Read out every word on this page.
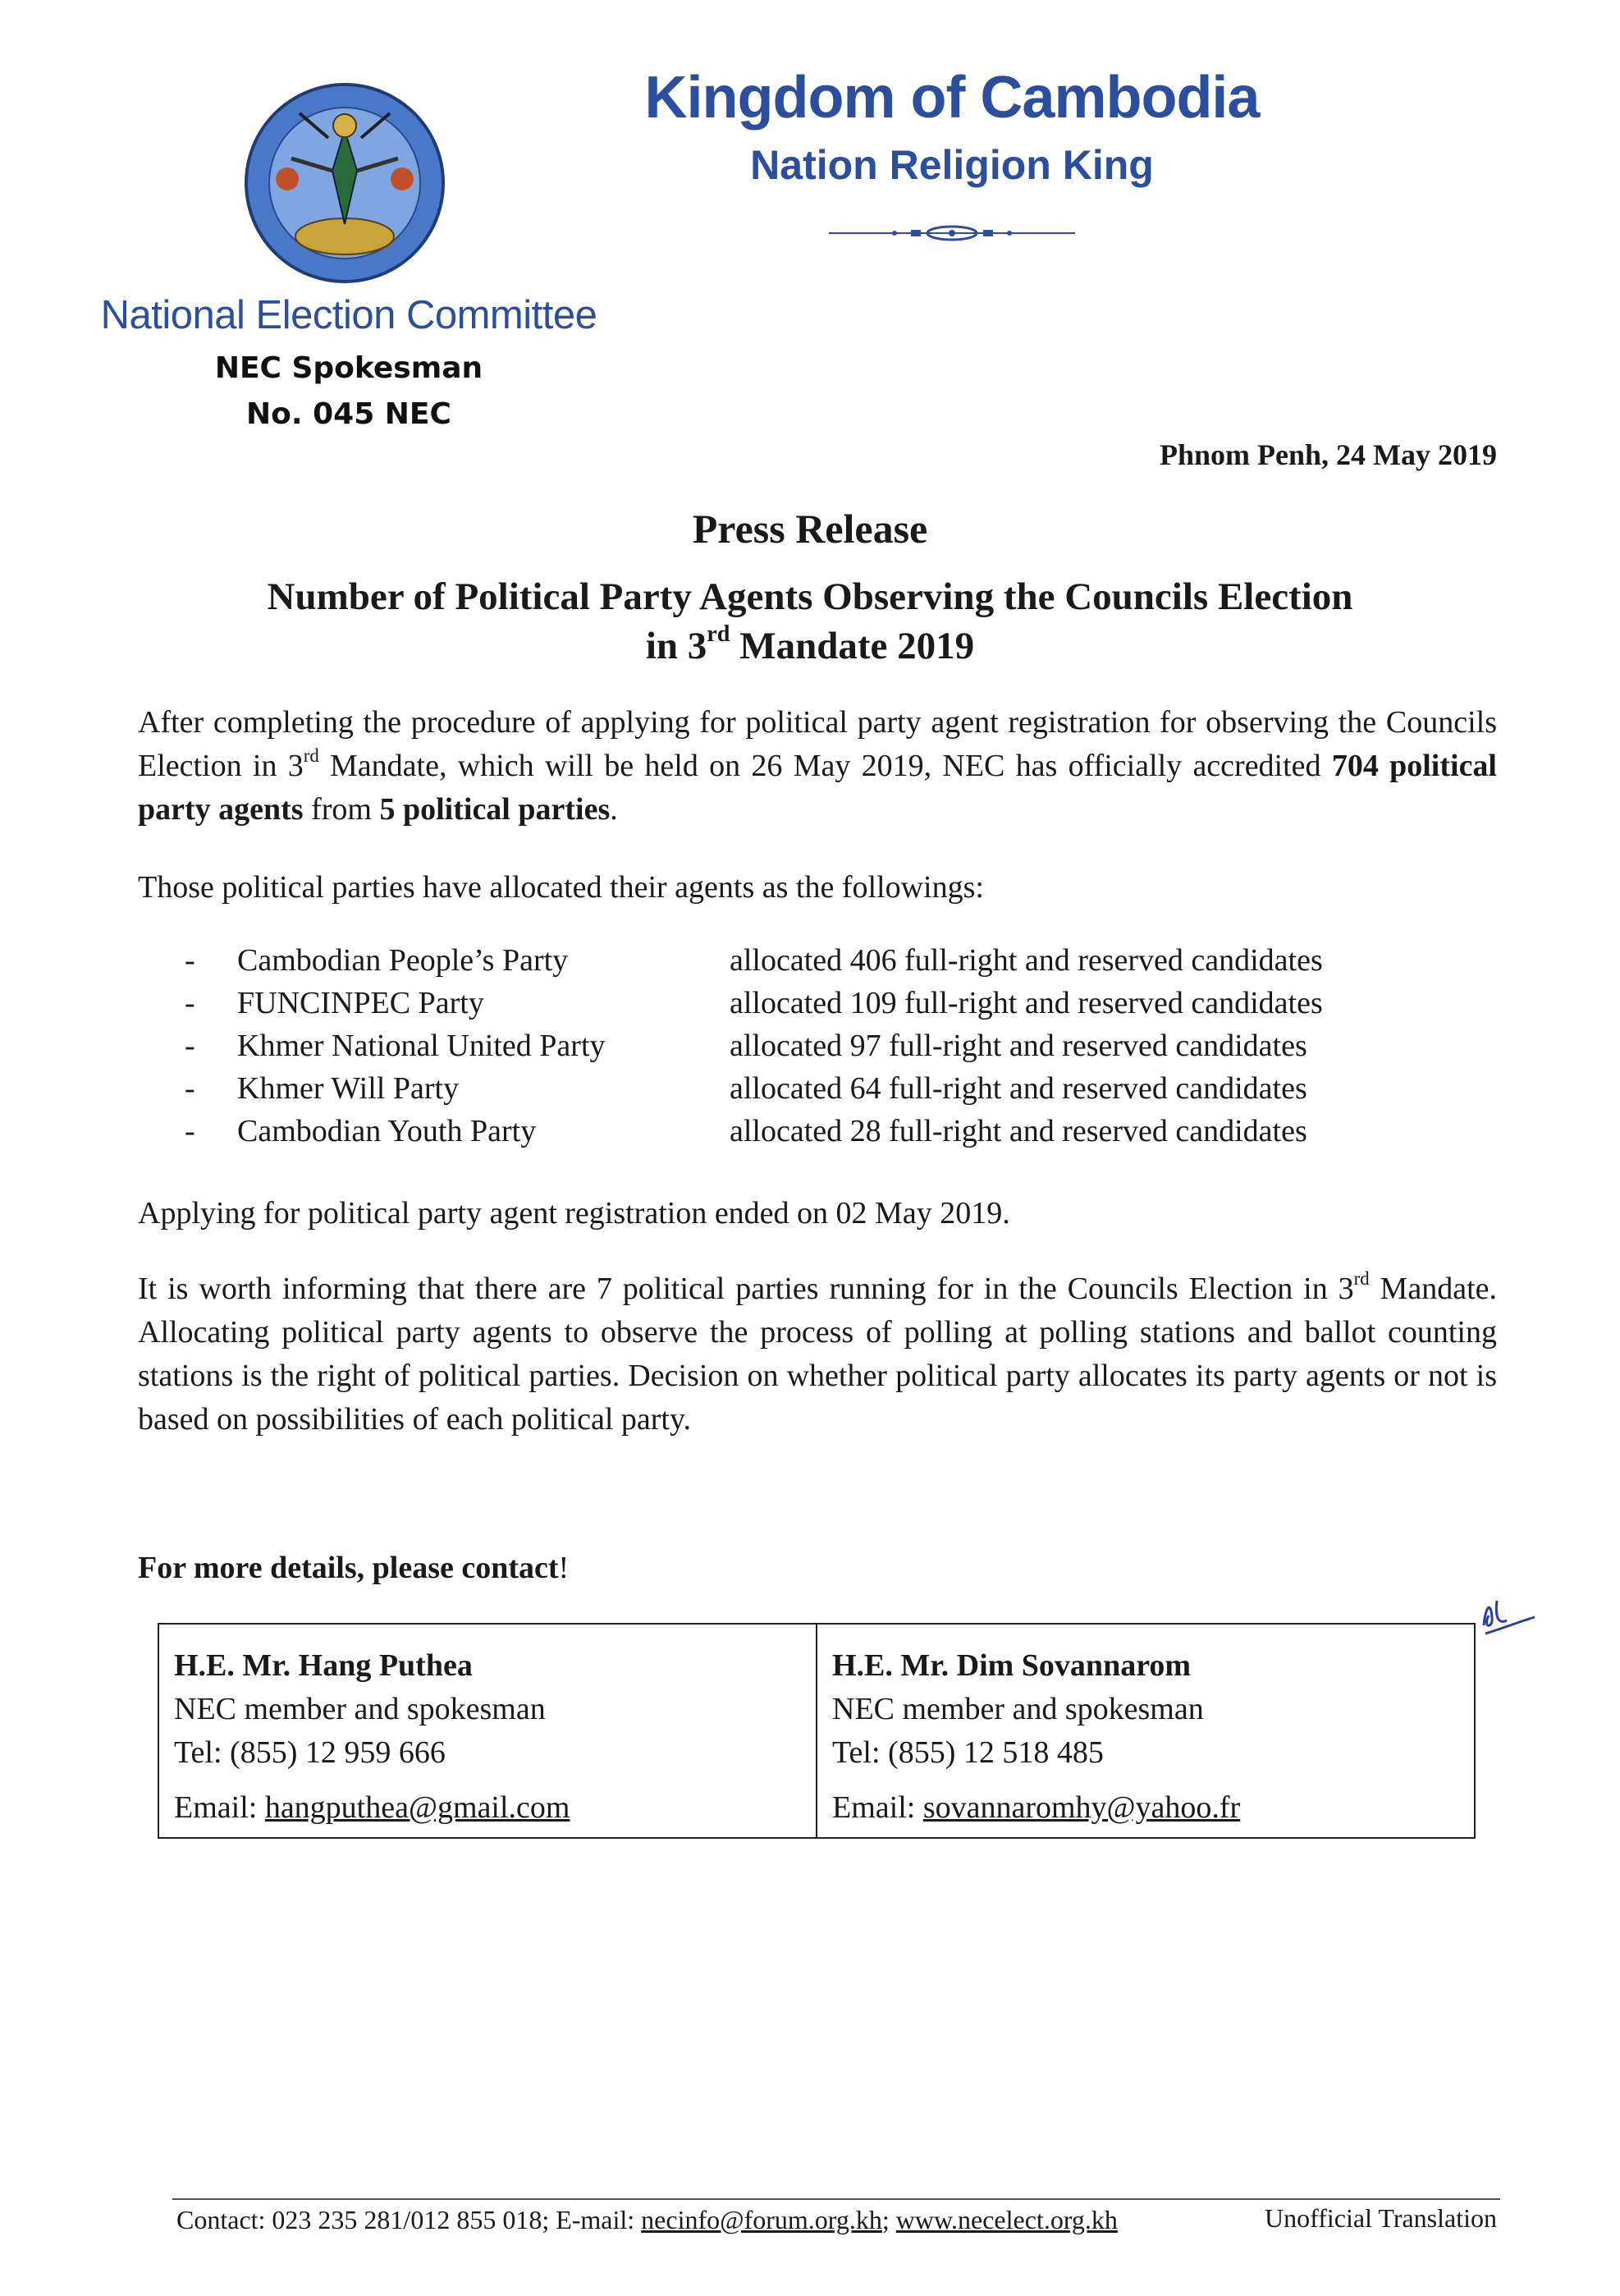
National Election Committee
NEC Spokesman
No. 045 NEC
Kingdom of Cambodia
Nation Religion King
Phnom Penh, 24 May 2019
Press Release
Number of Political Party Agents Observing the Councils Election
in 3rd Mandate 2019
After completing the procedure of applying for political party agent registration for observing the Councils Election in 3rd Mandate, which will be held on 26 May 2019, NEC has officially accredited 704 political party agents from 5 political parties.
Those political parties have allocated their agents as the followings:
-	Cambodian People’s Party	allocated 406 full-right and reserved candidates
-	FUNCINPEC Party	allocated 109 full-right and reserved candidates
-	Khmer National United Party	allocated 97 full-right and reserved candidates
-	Khmer Will Party	allocated 64 full-right and reserved candidates
-	Cambodian Youth Party	allocated 28 full-right and reserved candidates
Applying for political party agent registration ended on 02 May 2019.
It is worth informing that there are 7 political parties running for in the Councils Election in 3rd Mandate. Allocating political party agents to observe the process of polling at polling stations and ballot counting stations is the right of political parties. Decision on whether political party allocates its party agents or not is based on possibilities of each political party.
For more details, please contact!
H.E. Mr. Hang Puthea
NEC member and spokesman
Tel: (855) 12 959 666
Email: hangputhea@gmail.com
H.E. Mr. Dim Sovannarom
NEC member and spokesman
Tel: (855) 12 518 485
Email: sovannaromhy@yahoo.fr
Contact: 023 235 281/012 855 018; E-mail: necinfo@forum.org.kh; www.necelect.org.kh	Unofficial Translation
